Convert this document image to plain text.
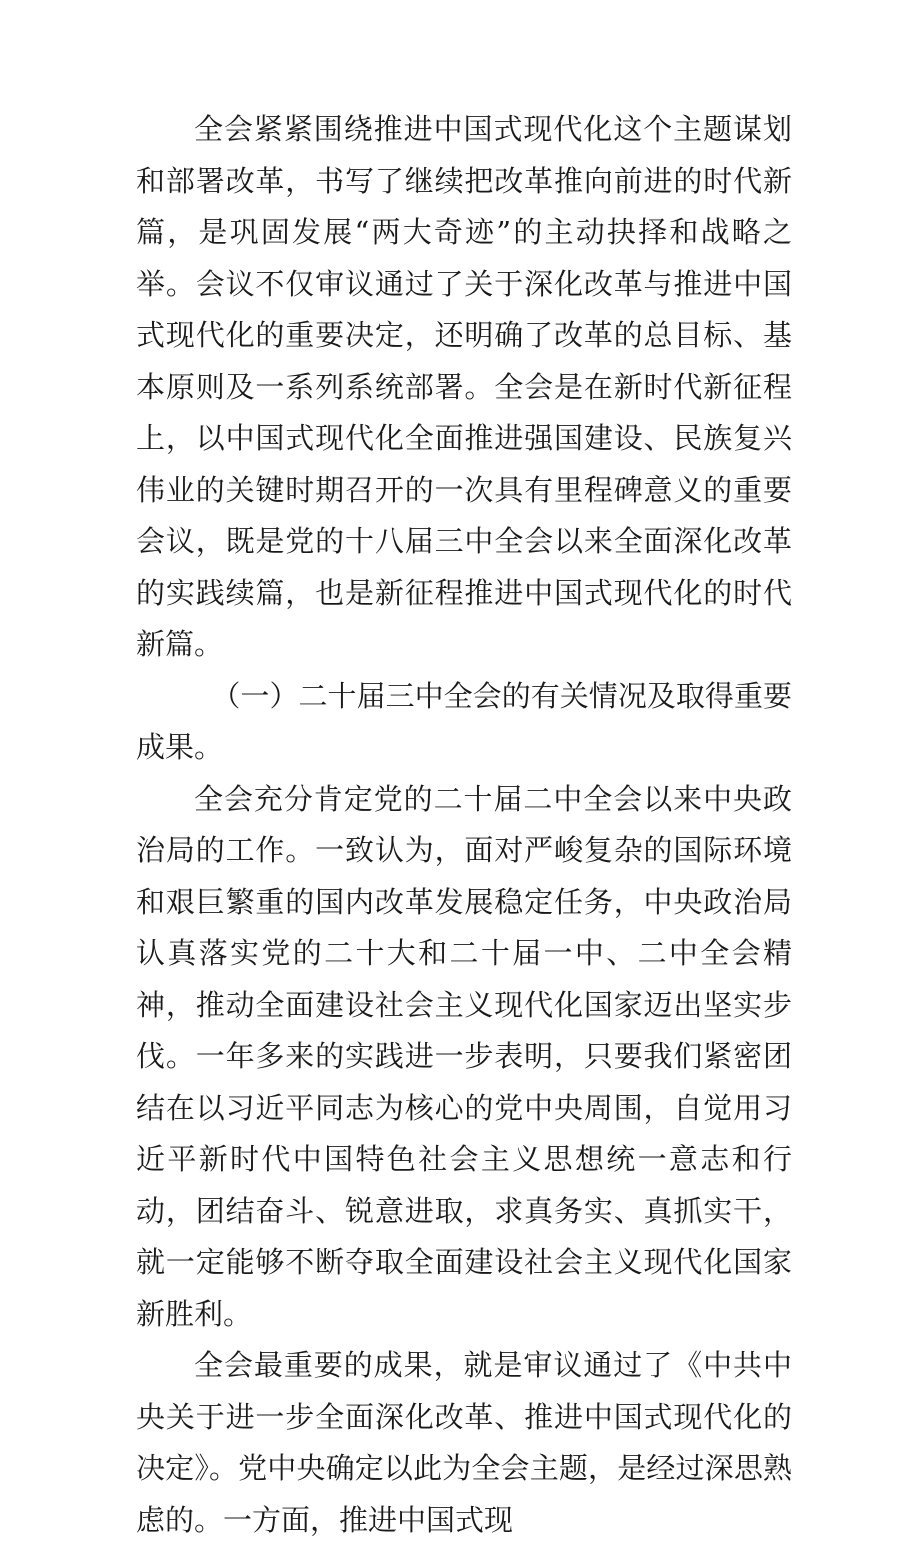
全会紧紧围绕推进中国式现代化这个主题谋划和部署改革，书写了继续把改革推向前进的时代新篇，是巩固发展“两大奇迹”的主动抉择和战略之举。会议不仅审议通过了关于深化改革与推进中国式现代化的重要决定，还明确了改革的总目标、基本原则及一系列系统部署。全会是在新时代新征程上，以中国式现代化全面推进强国建设、民族复兴伟业的关键时期召开的一次具有里程碑意义的重要会议，既是党的十八届三中全会以来全面深化改革的实践续篇，也是新征程推进中国式现代化的时代新篇。

（一）二十届三中全会的有关情况及取得重要成果。

全会充分肯定党的二十届二中全会以来中央政治局的工作。一致认为，面对严峻复杂的国际环境和艰巨繁重的国内改革发展稳定任务，中央政治局认真落实党的二十大和二十届一中、二中全会精神，推动全面建设社会主义现代化国家迈出坚实步伐。一年多来的实践进一步表明，只要我们紧密团结在以习近平同志为核心的党中央周围，自觉用习近平新时代中国特色社会主义思想统一意志和行动，团结奋斗、锐意进取，求真务实、真抓实干，就一定能够不断夺取全面建设社会主义现代化国家新胜利。

全会最重要的成果，就是审议通过了《中共中央关于进一步全面深化改革、推进中国式现代化的决定》。党中央确定以此为全会主题，是经过深思熟虑的。一方面，推进中国式现
